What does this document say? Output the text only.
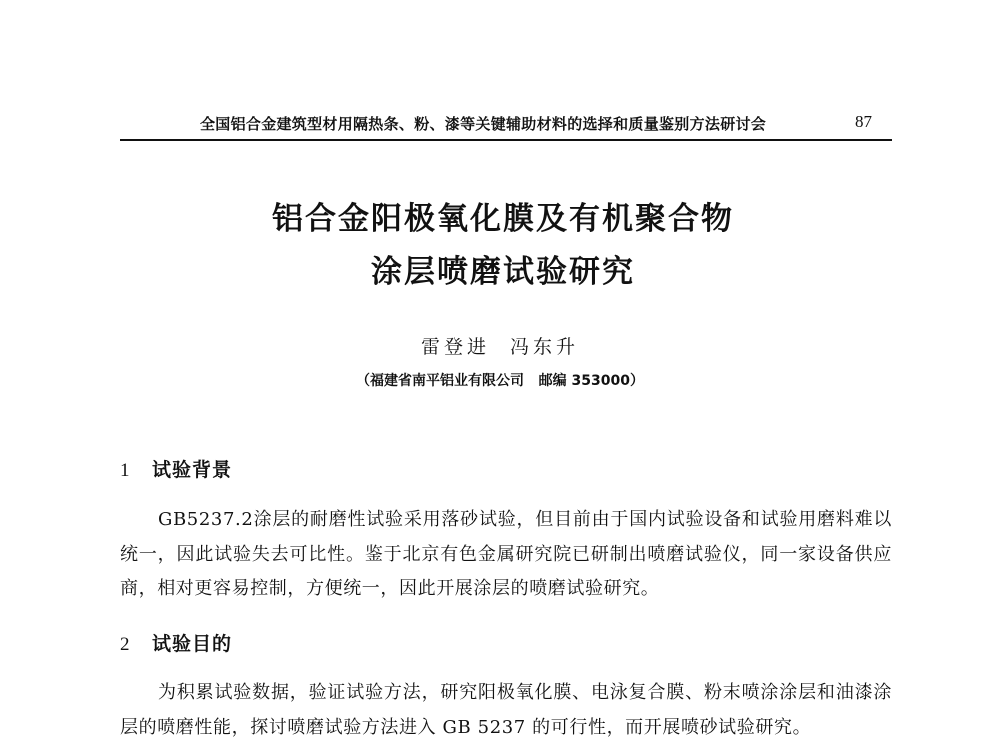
全国铝合金建筑型材用隔热条、粉、漆等关键辅助材料的选择和质量鉴别方法研讨会	87
铝合金阳极氧化膜及有机聚合物
涂层喷磨试验研究
雷登进  冯东升
（福建省南平铝业有限公司   邮编 353000）
1 试验背景
GB5237.2涂层的耐磨性试验采用落砂试验，但目前由于国内试验设备和试验用磨料难以统一，因此试验失去可比性。鉴于北京有色金属研究院已研制出喷磨试验仪，同一家设备供应商，相对更容易控制，方便统一，因此开展涂层的喷磨试验研究。
2 试验目的
为积累试验数据，验证试验方法，研究阳极氧化膜、电泳复合膜、粉末喷涂涂层和油漆涂层的喷磨性能，探讨喷磨试验方法进入 GB 5237 的可行性，而开展喷砂试验研究。
